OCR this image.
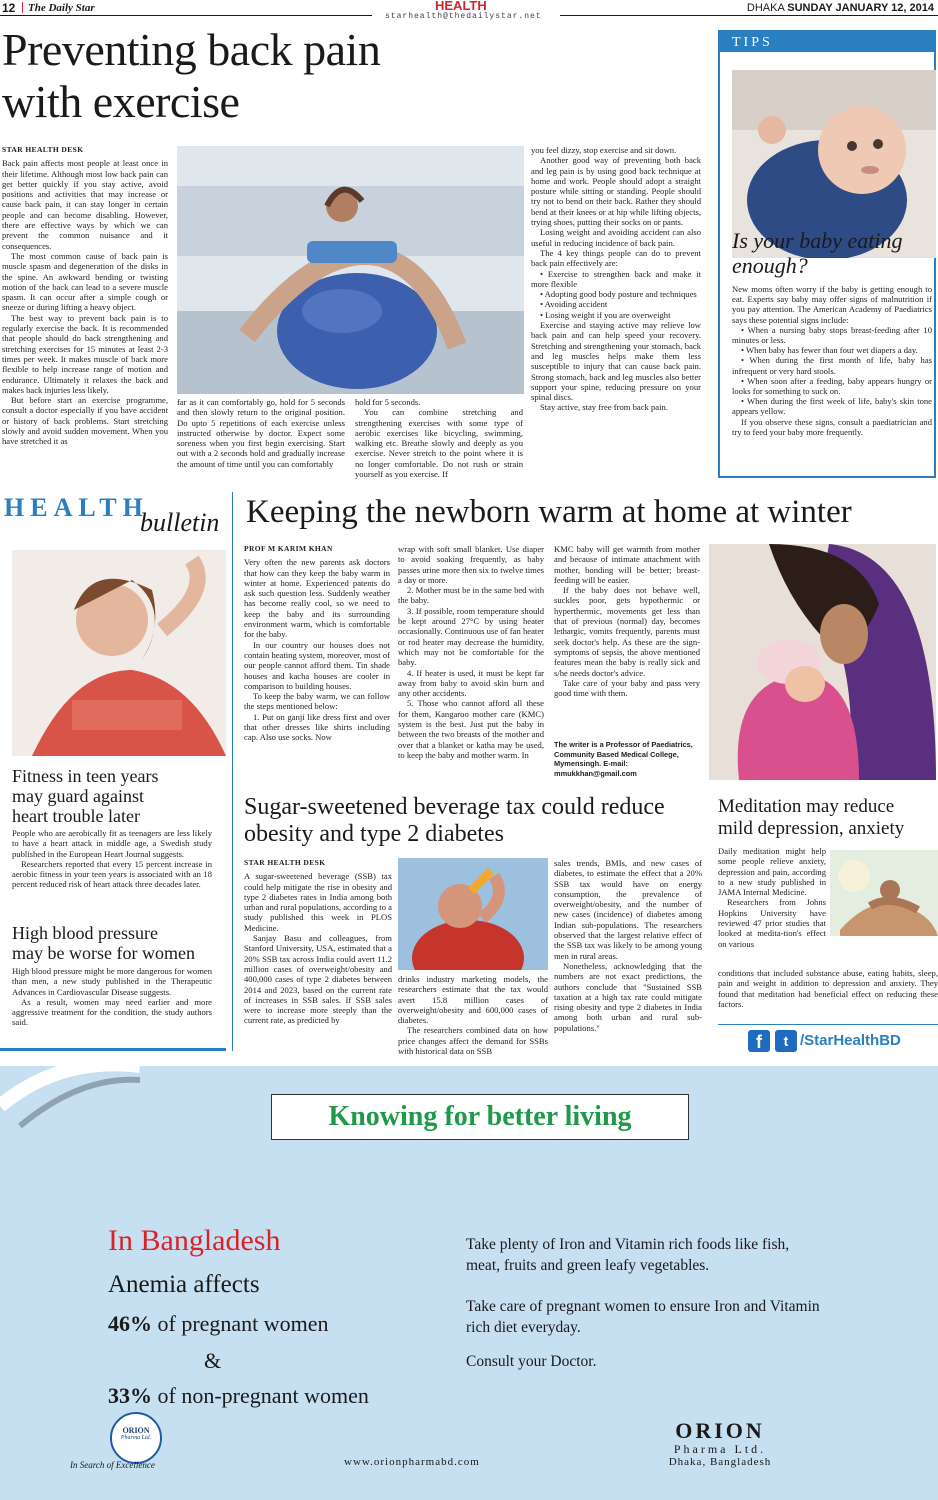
12 The Daily Star	HEALTH
starhealth@thedailystar.net
DHAKA SUNDAY JANUARY 12, 2014
Preventing back pain
with exercise
STAR HEALTH DESK

Back pain affects most people at least once in their lifetime. Although most low back pain can get better quickly if you stay active, avoid positions and activities that may increase or cause back pain, it can stay longer in certain people and can become disabling. However, there are effective ways by which we can prevent the common nuisance and it consequences.

The most common cause of back pain is muscle spasm and degeneration of the disks in the spine. An awkward bending or twisting motion of the back can lead to a severe muscle spasm. It can occur after a simple cough or sneeze or during lifting a heavy object.

The best way to prevent back pain is to regularly exercise the back. It is recommended that people should do back strengthening and stretching exercises for 15 minutes at least 2-3 times per week. It makes muscle of back more flexible to help increase range of motion and endurance. Ultimately it relaxes the back and makes back injuries less likely.

But before start an exercise programme, consult a doctor especially if you have accident or history of back problems. Start stretching slowly and avoid sudden movement. When you have stretched it as

far as it can comfortably go, hold for 5 seconds and then slowly return to the original position. Do upto 5 repetitions of each exercise unless instructed otherwise by doctor. Expect some soreness when you first begin exercising. Start out with a 2 seconds hold and gradually increase the amount of time until you can comfortably

hold for 5 seconds.

You can combine stretching and strengthening exercises with some type of aerobic exercises like bicycling, swimming, walking etc. Breathe slowly and deeply as you exercise. Never stretch to the point where it is no longer comfortable. Do not rush or strain yourself as you exercise. If

you feel dizzy, stop exercise and sit down.

Another good way of preventing both back and leg pain is by using good back technique at home and work. People should adopt a straight posture while sitting or standing. People should try not to bend on their back. Rather they should bend at their knees or at hip while lifting objects, trying shoes, putting their socks on or pants.

Losing weight and avoiding accident can also useful in reducing incidence of back pain.

The 4 key things people can do to prevent back pain effectively are:

• Exercise to strengthen back and make it more flexible

• Adopting good body posture and techniques

• Avoiding accident

• Losing weight if you are overweight

Exercise and staying active may relieve low back pain and can help speed your recovery. Stretching and strengthening your stomach, back and leg muscles helps make them less susceptible to injury that can cause back pain. Strong stomach, back and leg muscles also better support your spine, reducing pressure on your spinal discs.

Stay active, stay free from back pain.

TIPS
Is your baby eating
enough?

New moms often worry if the baby is getting enough to eat. Experts say baby may offer signs of malnutrition if you pay attention. The American Academy of Paediatrics says these potential signs include:

• When a nursing baby stops breast-feeding after 10 minutes or less.

• When baby has fewer than four wet diapers a day.

• When during the first month of life, baby has infrequent or very hard stools.

• When soon after a feeding, baby appears hungry or looks for something to suck on.

• When during the first week of life, baby's skin tone appears yellow.

If you observe these signs, consult a paediatrician and try to feed your baby more frequently.

HEALTH
bulletin
Fitness in teen years
may guard against
heart trouble later

People who are aerobically fit as teenagers are less likely to have a heart attack in middle age, a Swedish study published in the European Heart Journal suggests.

Researchers reported that every 15 percent increase in aerobic fitness in your teen years is associated with an 18 percent reduced risk of heart attack three decades later.

High blood pressure
may be worse for women

High blood pressure might be more dangerous for women than men, a new study published in the Therapeutic Advances in Cardiovascular Disease suggests.

As a result, women may need earlier and more aggressive treatment for the condition, the study authors said.

Keeping the newborn warm at home at winter
PROF M KARIM KHAN

Very often the new parents ask doctors that how can they keep the baby warm in winter at home. Experienced patents do ask such question less. Suddenly weather has become really cool, so we need to keep the baby and its surrounding environment warm, which is comfortable for the baby.

In our country our houses does not contain heating system, moreover, most of our people cannot afford them. Tin shade houses and kacha houses are cooler in comparison to building houses.

To keep the baby warm, we can follow the steps mentioned below:

1. Put on ganji like dress first and over that other dresses like shirts including cap. Also use socks. Now

wrap with soft small blanket. Use diaper to avoid soaking frequently, as baby passes urine more then six to twelve times a day or more.

2. Mother must be in the same bed with the baby.

3. If possible, room temperature should be kept around 27°C by using heater occasionally. Continuous use of fan heater or rod heater may decrease the humidity, which may not be comfortable for the baby.

4. If heater is used, it must be kept far away from baby to avoid skin burn and any other accidents.

5. Those who cannot afford all these for them, Kangaroo mother care (KMC) system is the best. Just put the baby in between the two breasts of the mother and over that a blanket or katha may be used, to keep the baby and mother warm. In

KMC baby will get warmth from mother and because of intimate attachment with mother, bonding will be better; breast-feeding will be easier.

If the baby does not behave well, suckles poor, gets hypothermic or hyperthermic, movements get less than that of previous (normal) day, becomes lethargic, vomits frequently, parents must seek doctor's help. As these are the sign-symptoms of sepsis, the above mentioned features mean the baby is really sick and s/he needs doctor's advice.

Take care of your baby and pass very good time with them.

The writer is a Professor of Paediatrics, Community Based Medical College, Mymensingh. E-mail: mmukkhan@gmail.com
Sugar-sweetened beverage tax could reduce
obesity and type 2 diabetes
STAR HEALTH DESK

A sugar-sweetened beverage (SSB) tax could help mitigate the rise in obesity and type 2 diabetes rates in India among both urban and rural populations, according to a study published this week in PLOS Medicine.

Sanjay Basu and colleagues, from Stanford University, USA, estimated that a 20% SSB tax across India could avert 11.2 million cases of overweight/obesity and 400,000 cases of type 2 diabetes between 2014 and 2023, based on the current rate of increases in SSB sales. If SSB sales were to increase more steeply than the current rate, as predicted by

drinks industry marketing models, the researchers estimate that the tax would avert 15.8 million cases of overweight/obesity and 600,000 cases of diabetes.

The researchers combined data on how price changes affect the demand for SSBs with historical data on SSB

sales trends, BMIs, and new cases of diabetes, to estimate the effect that a 20% SSB tax would have on energy consumption, the prevalence of overweight/obesity, and the number of new cases (incidence) of diabetes among Indian sub-populations. The researchers observed that the largest relative effect of the SSB tax was likely to be among young men in rural areas.

Nonetheless, acknowledging that the numbers are not exact predictions, the authors conclude that "Sustained SSB taxation at a high tax rate could mitigate rising obesity and type 2 diabetes in India among both urban and rural sub-populations."

Meditation may reduce
mild depression, anxiety

Daily meditation might help some people relieve anxiety, depression and pain, according to a new study published in JAMA Internal Medicine.

Researchers from Johns Hopkins University have reviewed 47 prior studies that looked at medita-tion's effect on various

conditions that included substance abuse, eating habits, sleep, pain and weight in addition to depression and anxiety. They found that meditation had beneficial effect on reducing these factors.

f	t /StarHealthBD
Knowing for better living
In Bangladesh
Anemia affects
46% of pregnant women
&
33% of non-pregnant women
Take plenty of Iron and Vitamin rich foods like fish, meat, fruits and green leafy vegetables.
Take care of pregnant women to ensure Iron and Vitamin rich diet everyday.
Consult your Doctor.
ORION
Pharma Ltd.
In Search of Excellence	www.orionpharmabd.com
ORION
Pharma Ltd.
Dhaka, Bangladesh
